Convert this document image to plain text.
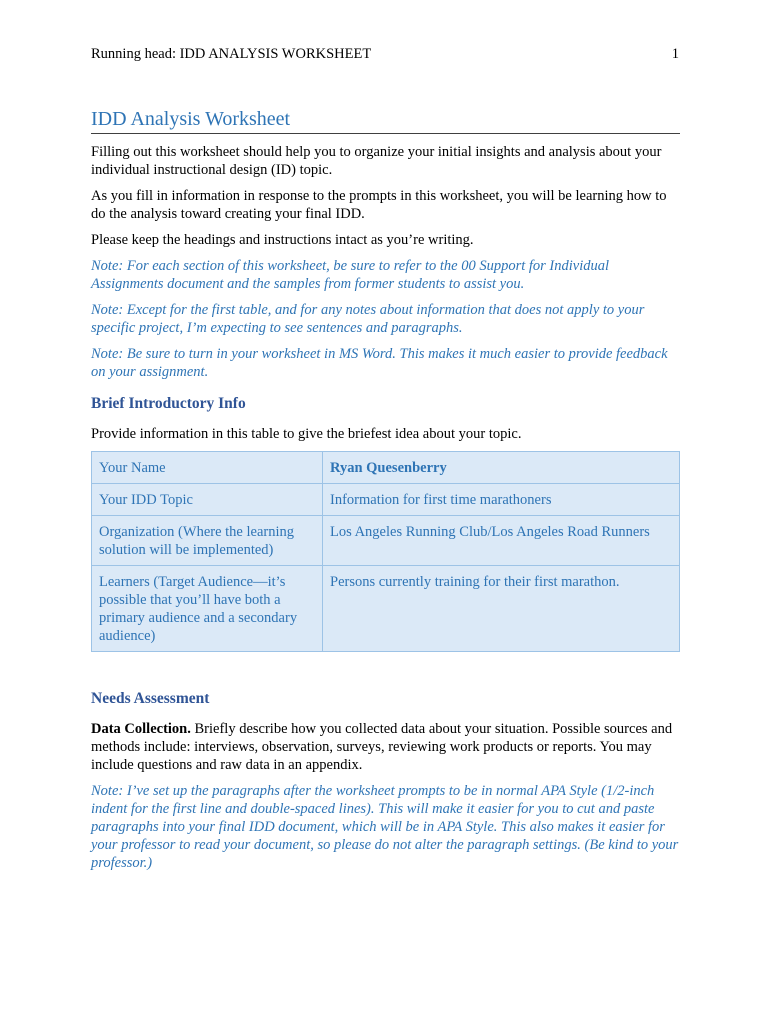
Running head: IDD ANALYSIS WORKSHEET	1
IDD Analysis Worksheet

Filling out this worksheet should help you to organize your initial insights and analysis about your individual instructional design (ID) topic.

As you fill in information in response to the prompts in this worksheet, you will be learning how to do the analysis toward creating your final IDD.

Please keep the headings and instructions intact as you’re writing.

Note: For each section of this worksheet, be sure to refer to the 00 Support for Individual Assignments document and the samples from former students to assist you.

Note: Except for the first table, and for any notes about information that does not apply to your specific project, I’m expecting to see sentences and paragraphs.

Note: Be sure to turn in your worksheet in MS Word. This makes it much easier to provide feedback on your assignment.

Brief Introductory Info

Provide information in this table to give the briefest idea about your topic.

Your Name	Ryan Quesenberry
Your IDD Topic	Information for first time marathoners
Organization (Where the learning solution will be implemented)	Los Angeles Running Club/Los Angeles Road Runners
Learners (Target Audience—it’s possible that you’ll have both a primary audience and a secondary audience)	Persons currently training for their first marathon.
Needs Assessment

Data Collection. Briefly describe how you collected data about your situation. Possible sources and methods include: interviews, observation, surveys, reviewing work products or reports. You may include questions and raw data in an appendix.

Note: I’ve set up the paragraphs after the worksheet prompts to be in normal APA Style (1/2-inch indent for the first line and double-spaced lines). This will make it easier for you to cut and paste paragraphs into your final IDD document, which will be in APA Style. This also makes it easier for your professor to read your document, so please do not alter the paragraph settings. (Be kind to your professor.)
